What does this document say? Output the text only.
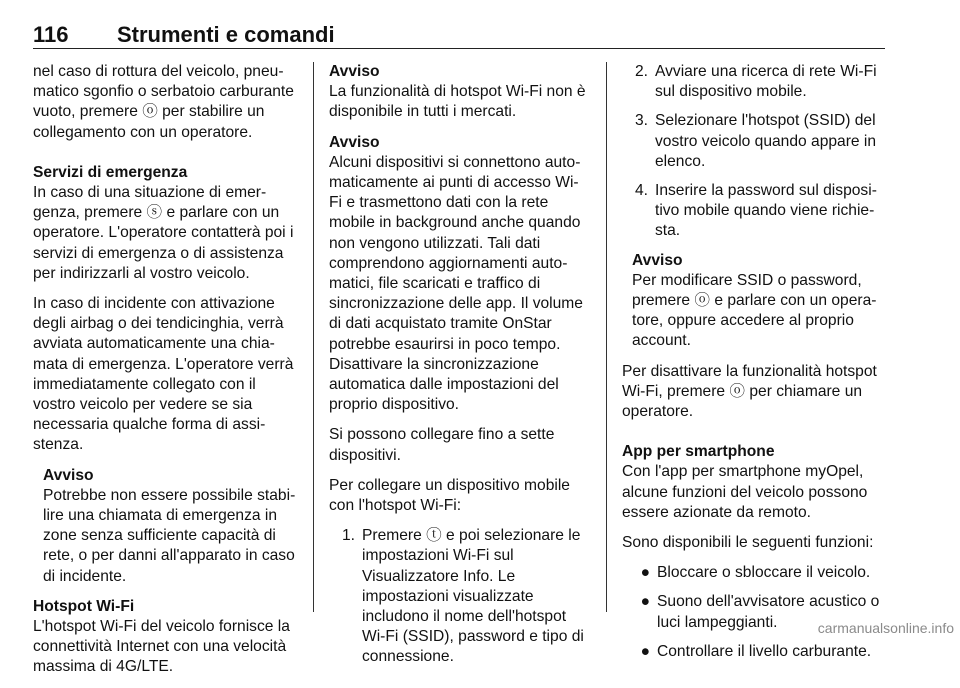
116 Strumenti e comandi

nel caso di rottura del veicolo, pneumatico sgonfio o serbatoio carburante vuoto, premere ⓞ per stabilire un collegamento con un operatore.

Servizi di emergenza

In caso di una situazione di emergenza, premere ⓢ e parlare con un operatore. L'operatore contatterà poi i servizi di emergenza o di assistenza per indirizzarli al vostro veicolo.

In caso di incidente con attivazione degli airbag o dei tendicinghia, verrà avviata automaticamente una chiamata di emergenza. L'operatore verrà immediatamente collegato con il vostro veicolo per vedere se sia necessaria qualche forma di assistenza.

Avviso

Potrebbe non essere possibile stabilire una chiamata di emergenza in zone senza sufficiente capacità di rete, o per danni all'apparato in caso di incidente.

Hotspot Wi-Fi

L'hotspot Wi-Fi del veicolo fornisce la connettività Internet con una velocità massima di 4G/LTE.

Avviso

La funzionalità di hotspot Wi-Fi non è disponibile in tutti i mercati.

Avviso

Alcuni dispositivi si connettono automaticamente ai punti di accesso Wi-Fi e trasmettono dati con la rete mobile in background anche quando non vengono utilizzati. Tali dati comprendono aggiornamenti automatici, file scaricati e traffico di sincronizzazione delle app. Il volume di dati acquistato tramite OnStar potrebbe esaurirsi in poco tempo. Disattivare la sincronizzazione automatica dalle impostazioni del proprio dispositivo.

Si possono collegare fino a sette dispositivi.

Per collegare un dispositivo mobile con l'hotspot Wi-Fi:

1. Premere ⓣ e poi selezionare le impostazioni Wi-Fi sul Visualizzatore Info. Le impostazioni visualizzate includono il nome dell'hotspot Wi-Fi (SSID), password e tipo di connessione.
2. Avviare una ricerca di rete Wi-Fi sul dispositivo mobile.
3. Selezionare l'hotspot (SSID) del vostro veicolo quando appare in elenco.
4. Inserire la password sul dispositivo mobile quando viene richiesta.

Avviso

Per modificare SSID o password, premere ⓞ e parlare con un operatore, oppure accedere al proprio account.

Per disattivare la funzionalità hotspot Wi-Fi, premere ⓞ per chiamare un operatore.

App per smartphone

Con l'app per smartphone myOpel, alcune funzioni del veicolo possono essere azionate da remoto.

Sono disponibili le seguenti funzioni:

● Bloccare o sbloccare il veicolo.
● Suono dell'avvisatore acustico o luci lampeggianti.
● Controllare il livello carburante.
carmanualsonline.info
